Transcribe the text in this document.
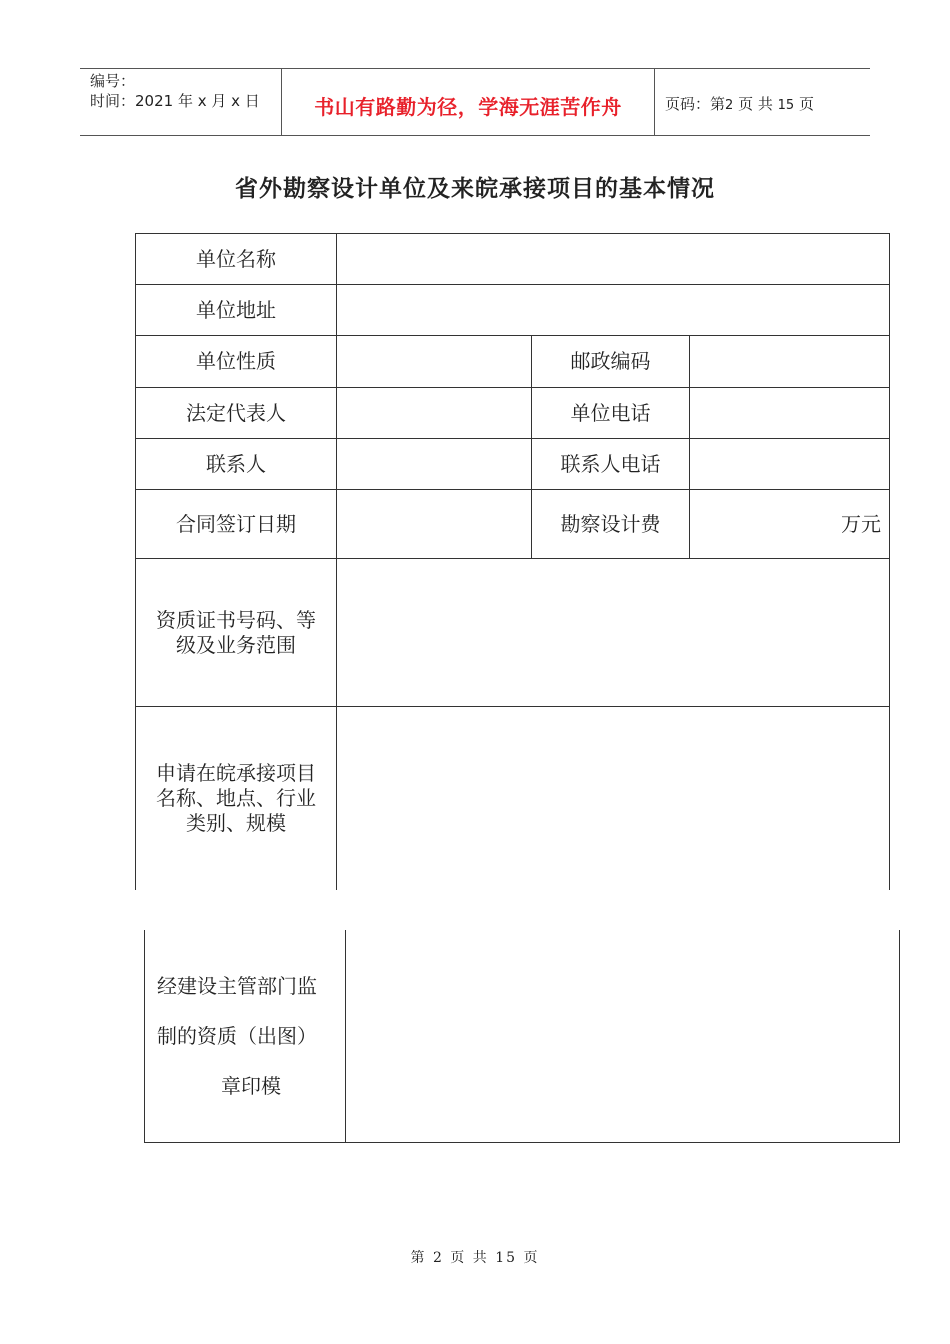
编号：
时间：2021 年 x 月 x 日	书山有路勤为径，学海无涯苦作舟	页码：第2 页 共 15 页
省外勘察设计单位及来皖承接项目的基本情况
单位名称			
单位地址			
单位性质		邮政编码	
法定代表人		单位电话	
联系人		联系人电话	
合同签订日期		勘察设计费	万元

资质证书号码、等
级及业务范围			

申请在皖承接项目
名称、地点、行业
类别、规模			

经建设主管部门监
制的资质（出图）
章印模

第 2 页 共 15 页
